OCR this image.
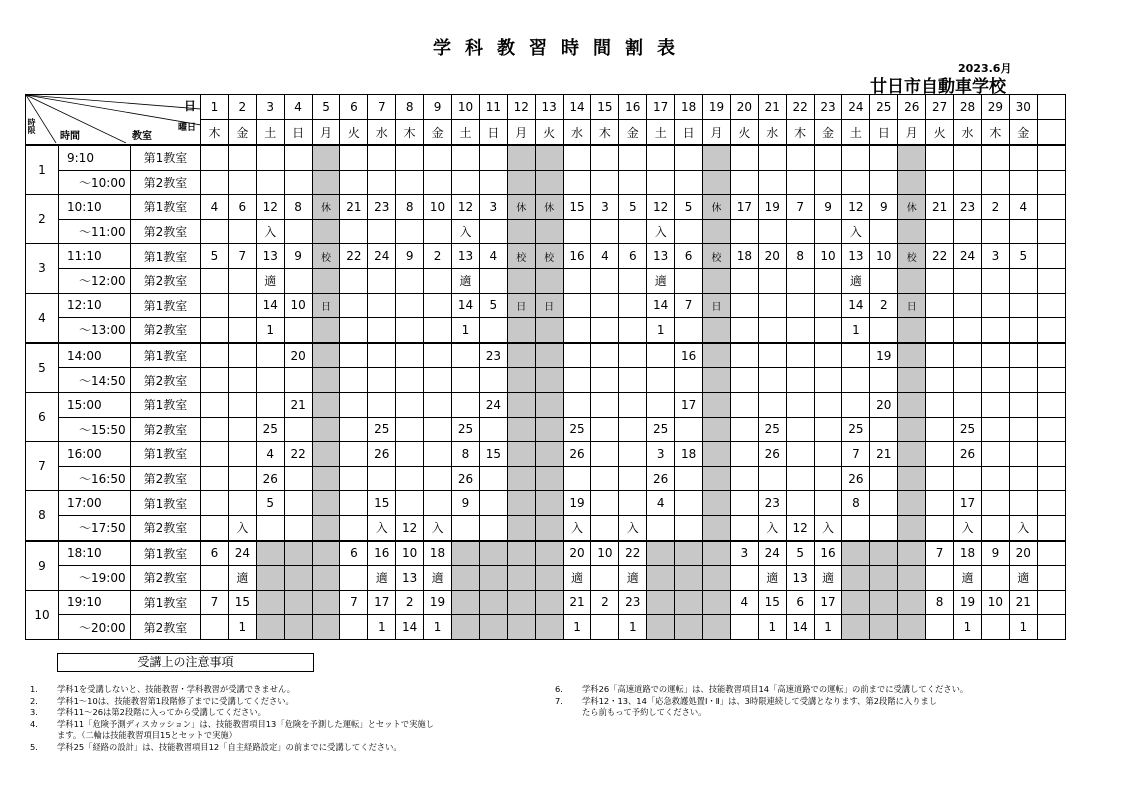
学科教習時間割表
2023.6月
廿日市自動車学校
日
曜日
時限
時間 教室			1	2	3	4	5	6	7	8	9	10	11	12	13	14	15	16	17	18	19	20	21	22	23	24	25	26	27	28	29	30	
			木	金	土	日	月	火	水	木	金	土	日	月	火	水	木	金	土	日	月	火	水	木	金	土	日	月	火	水	木	金	
1	9:10	第1教室																															
	～10:00	第2教室																															
2	10:10	第1教室	4	6	12	8	休	21	23	8	10	12	3	休	休	15	3	5	12	5	休	17	19	7	9	12	9	休	21	23	2	4	
	～11:00	第2教室			入							入							入							入							
3	11:10	第1教室	5	7	13	9	校	22	24	9	2	13	4	校	校	16	4	6	13	6	校	18	20	8	10	13	10	校	22	24	3	5	
	～12:00	第2教室			適							適							適							適							
4	12:10	第1教室			14	10	日					14	5	日	日				14	7	日					14	2	日					
	～13:00	第2教室			1							1							1							1							
5	14:00	第1教室				20							23							16							19						
	～14:50	第2教室																															
6	15:00	第1教室				21							24							17							20						
	～15:50	第2教室			25				25			25				25			25				25			25				25			
7	16:00	第1教室			4	22			26			8	15			26			3	18			26			7	21			26			
	～16:50	第2教室			26							26							26							26							
8	17:00	第1教室			5				15			9				19			4				23			8				17			
	～17:50	第2教室		入					入	12	入					入		入					入	12	入					入		入	
9	18:10	第1教室	6	24				6	16	10	18					20	10	22				3	24	5	16				7	18	9	20	
	～19:00	第2教室		適					適	13	適					適		適					適	13	適					適		適	
10	19:10	第1教室	7	15				7	17	2	19					21	2	23				4	15	6	17				8	19	10	21	
	～20:00	第2教室		1					1	14	1					1		1					1	14	1					1		1	
受講上の注意事項
1.	学科1を受講しないと、技能教習・学科教習が受講できません。
2.	学科1～10は、技能教習第1段階修了までに受講してください。
3.	学科11～26は第2段階に入ってから受講してください。
4.	学科11「危険予測ディスカッション」は、技能教習項目13「危険を予測した運転」とセットで実施し
ます。（二輪は技能教習項目15とセットで実施）
5.	学科25「経路の設計」は、技能教習項目12「自主経路設定」の前までに受講してください。
6.	学科26「高速道路での運転」は、技能教習項目14「高速道路での運転」の前までに受講してください。
7.	学科12・13、14「応急救護処置Ⅰ・Ⅱ」は、3時限連続して受講となります、第2段階に入りまし
たら前もって予約してください。
